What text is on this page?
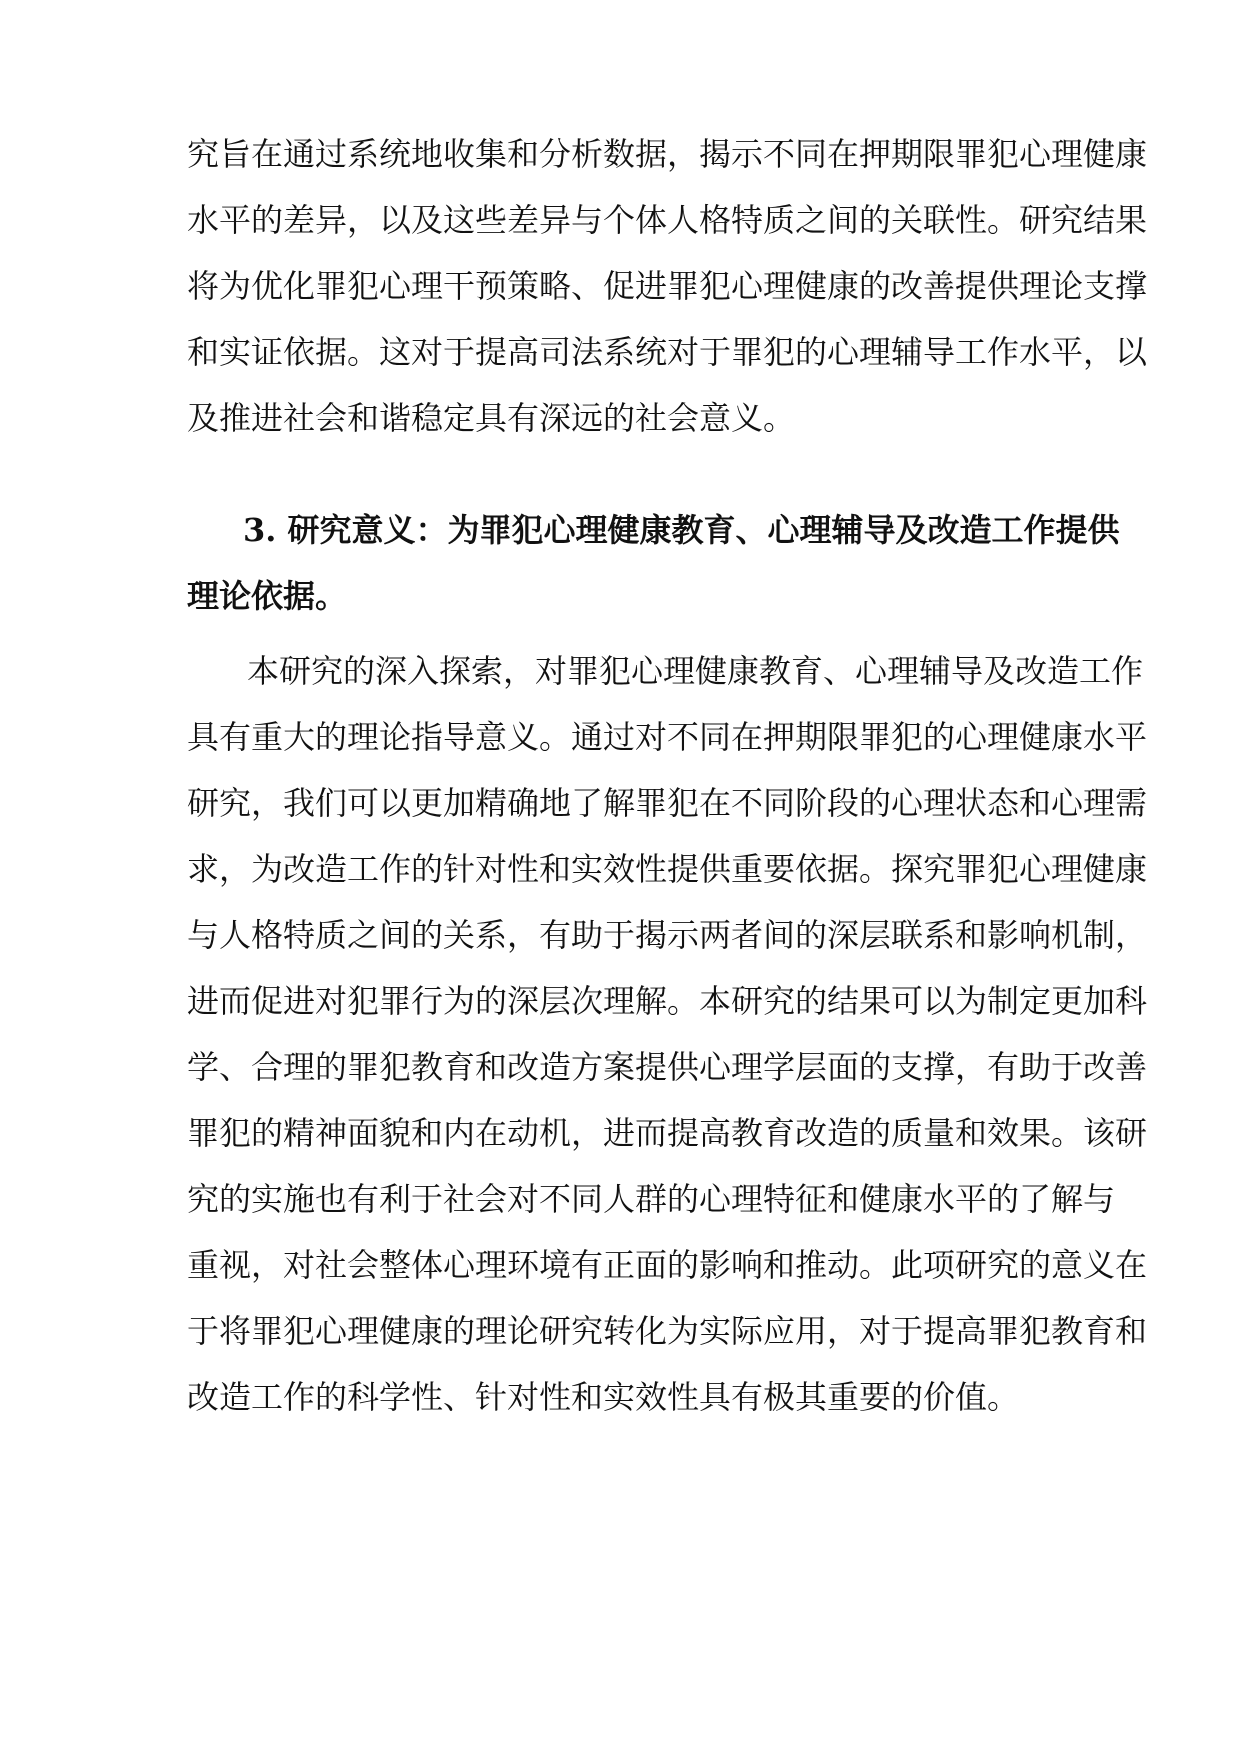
究旨在通过系统地收集和分析数据，揭示不同在押期限罪犯心理健康
水平的差异，以及这些差异与个体人格特质之间的关联性。研究结果
将为优化罪犯心理干预策略、促进罪犯心理健康的改善提供理论支撑
和实证依据。这对于提高司法系统对于罪犯的心理辅导工作水平，以
及推进社会和谐稳定具有深远的社会意义。
3. 研究意义：为罪犯心理健康教育、心理辅导及改造工作提供
理论依据。
本研究的深入探索，对罪犯心理健康教育、心理辅导及改造工作
具有重大的理论指导意义。通过对不同在押期限罪犯的心理健康水平
研究，我们可以更加精确地了解罪犯在不同阶段的心理状态和心理需
求，为改造工作的针对性和实效性提供重要依据。探究罪犯心理健康
与人格特质之间的关系，有助于揭示两者间的深层联系和影响机制，
进而促进对犯罪行为的深层次理解。本研究的结果可以为制定更加科
学、合理的罪犯教育和改造方案提供心理学层面的支撑，有助于改善
罪犯的精神面貌和内在动机，进而提高教育改造的质量和效果。该研
究的实施也有利于社会对不同人群的心理特征和健康水平的了解与
重视，对社会整体心理环境有正面的影响和推动。此项研究的意义在
于将罪犯心理健康的理论研究转化为实际应用，对于提高罪犯教育和
改造工作的科学性、针对性和实效性具有极其重要的价值。
